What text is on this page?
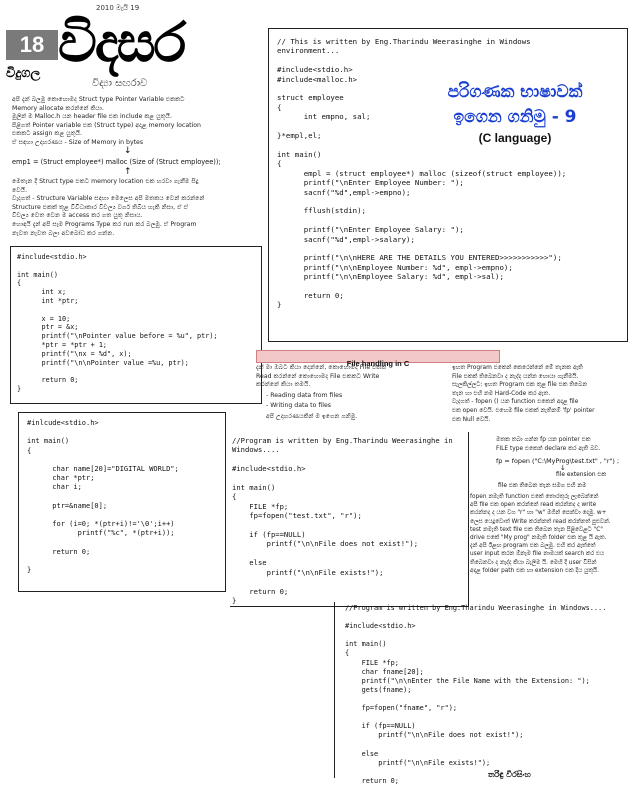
18
2010 මැයි 19
විදසර
විදුගල
විද්‍යා සඟරාව
// This is written by Eng.Tharindu Weerasinghe in Windows
environment...

#include<stdio.h>
#include<malloc.h>

struct employee
{
int empno, sal;

}*empl,el;

int main()
{
empl = (struct employee*) malloc (sizeof(struct employee));
printf("\nEnter Employee Number: ");
sacnf("%d",empl->empno);

fflush(stdin);

printf("\nEnter Employee Salary: ");
sacnf("%d",empl->salary);

printf("\n\nHERE ARE THE DETAILS YOU ENTERED>>>>>>>>>>>");
printf("\n\nEmployee Number: %d", empl->empno);
printf("\n\nEmployee Salary: %d", empl->sal);

return 0;
}
පරිගණක භාෂාවක්
ඉගෙන ගනිමු - 9
(C language)
අපි දැන් බලමු කොහොමද Struct type Pointer Variable එකකට
Memory allocate කරන්නේ කියා.
මුලින් ම Malloc.h යන header file එක include කළ යුතුයි.
පිළිගත් Pointer variable එක (Struct type) අදාළ memory location
එකකට assign කළ යුතුයි.
ඒ සඳහා උදාහරණය - Size of Memory in bytes
↓
emp1 = (Struct employee*) malloc (Size of (Struct employee));
↑
මෙතැන දී Struct type එකට memory location එක හරවා ගැනීම සිදු
වෙයි.
වැදගත් - Structure Variable සඳහා මෙලෙස අපි මතකය වෙන් කරන්නේ
Structure එකක් තුළ විවිධාකාර විචල්‍ය වර්ග තිබිය හැකි නිසා, ඒ ඒ
විචල්‍ය වෙත වෙන ම access කර ගත යුතු නිසාය.
හොඳයි දැන් අපි සෑම Programs Type කර run කර බලමු. ඒ Program
නැවත නැවත බලා අවබෝධ කර ගන්න.
#include<stdio.h>

int main()
{
int x;
int *ptr;

x = 10;
ptr = &x;
printf("\nPointer value before = %u", ptr);
*ptr = *ptr + 1;
printf("\nx = %d", x);
printf("\n\nPointer value =%u, ptr);

return 0;
}
#inlcude<stdio.h>

int main()
{

char name[20]="DIGITAL WORLD";
char *ptr;
char i;

ptr=&name[0];

for (i=0; *(ptr+i)!='\0';i++)
printf("%c", *(ptr+i));

return 0;

}
File handling in C
දැන් මා ඔබට කියා දෙන්නේ, කොහොමද File එකක්
Read කරන්නේ කොහොමද File එකකට Write
කරන්නේ කියා තමයි.
- Reading data from files
- Writing data to files
අපි උදාහරණයකින් ම ඉගෙන ගනිමු.
ඉහත Program එකෙන් කෙරෙන්නේ මේ තැනක ඇති
File එකක් තිබෙනවා ද නැද්ද යන්න හොයා ගැනීමයි.
සැලකිල්ලට: ඉහත Program එක තුළ file එක තිබෙන
තැන හා එහි නම Hard-Code කර ඇත.
වැදගත් - fopen () යන function එකෙන් අදාළ file
එක open වෙයි. එහෙම file එකක් නැතිනම් 'fp' pointer
එක Null වෙයි.
මතක තබා ගන්න fp යන pointer එක
FILE type එකෙන් declare කර ඇති බව.
fp = fopen ("C:\MyProg\test.txt" , "r") ;
↓
file extension එක
file එක තිබෙන තැන සමග එහි නම
fopen නමැති function එකේ තොරතුරු ලැබෙන්නේ
අපි file එක open කරන්නේ read කරන්නද ද write
කරන්නද ද යන වග "r" හා "w" මගින් පෙන්වා දෙමු. w+
ලෙස යෙදුවොත් Write කරන්නත් read කරන්නත් පුළුවන්.
test නමැති text file එක තිබෙන තැන පිළිවෙළට "C"
drive එකේ "My prog" නමැති folder එක තුළ යි ඇත.
දැන් අපි ඊළඟ program එක බලමු. එහි කර ඇත්තේ
user input කරන ඕනෑම file නාමයක් search කර එය
තිබෙනවා ද නැද්ද කියා බැලීම යි. මෙහි දී user විසින්
අදාළ folder path එක හා extension එක දිය යුතුයි.
//Program is written by Eng.Tharindu Weerasinghe in
Windows....

#include<stdio.h>

int main()
{
FILE *fp;
fp=fopen("test.txt", "r");

if (fp==NULL)
printf("\n\nFile does not exist!");

else
printf("\n\nFile exists!");

return 0;
}
//Program is written by Eng.Tharindu Weerasinghe in Windows....

#include<stdio.h>

int main()
{
FILE *fp;
char fname[20];
printf("\n\nEnter the File Name with the Extension: ");
gets(fname);

fp=fopen("fname", "r");

if (fp==NULL)
printf("\n\nFile does not exist!");

else
printf("\n\nFile exists!");

return 0;
තරිඳු වීරසිංහ
